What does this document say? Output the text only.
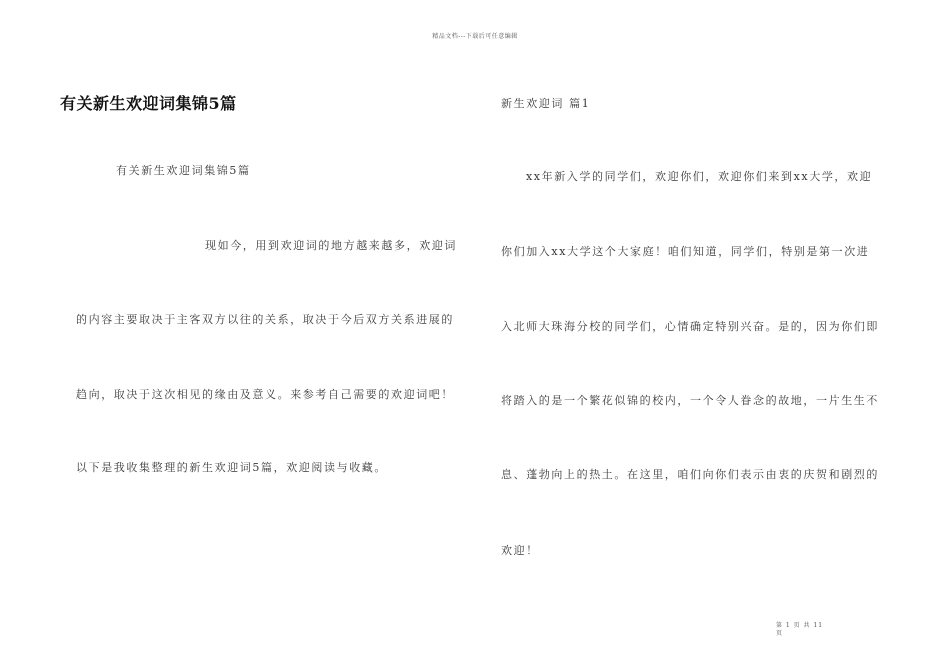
精品文档---下载后可任意编辑
有关新生欢迎词集锦5篇
有关新生欢迎词集锦5篇
现如今，用到欢迎词的地方越来越多，欢迎词
的内容主要取决于主客双方以往的关系，取决于今后双方关系进展的
趋向，取决于这次相见的缘由及意义。来参考自己需要的欢迎词吧！
以下是我收集整理的新生欢迎词5篇，欢迎阅读与收藏。
新生欢迎词 篇1
xx年新入学的同学们，欢迎你们，欢迎你们来到xx大学，欢迎
你们加入xx大学这个大家庭！咱们知道，同学们，特别是第一次进
入北师大珠海分校的同学们，心情确定特别兴奋。是的，因为你们即
将踏入的是一个繁花似锦的校内，一个令人眷念的故地，一片生生不
息、蓬勃向上的热土。在这里，咱们向你们表示由衷的庆贺和剧烈的
欢迎！
第 1 页 共 11
页
